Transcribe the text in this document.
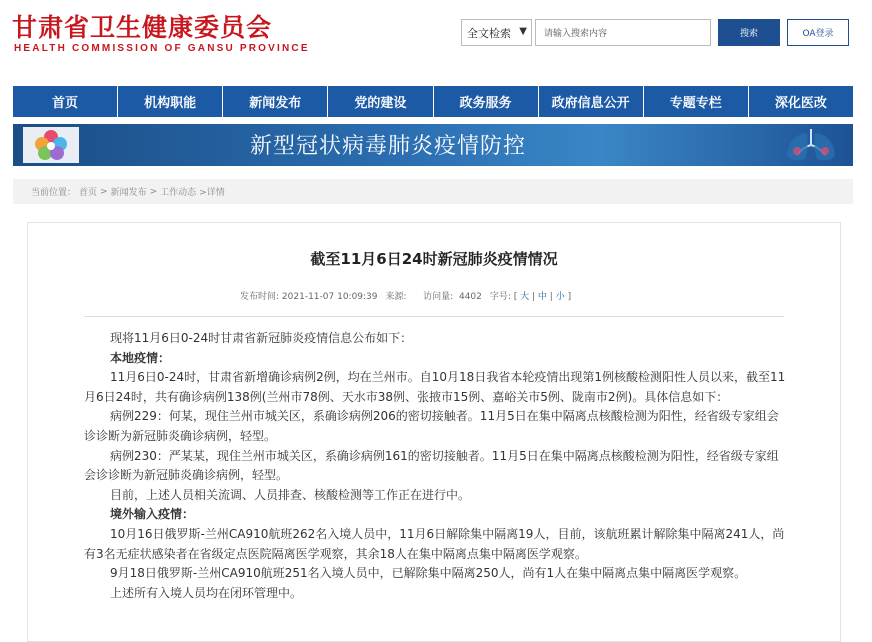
甘肃省卫生健康委员会
HEALTH COMMISSION OF GANSU PROVINCE
全文检索 ▼ 请输入搜索内容	搜索	OA登录
首页	机构职能	新闻发布	党的建设	政务服务	政府信息公开	专题专栏	深化医改
新型冠状病毒肺炎疫情防控
当前位置： 首页 > 新闻发布 > 工作动态 >详情
截至11月6日24时新冠肺炎疫情情况
发布时间: 2021-11-07 10:09:39 来源:	访问量: 4402 字号: [ 大 | 中 | 小 ]

现将11月6日0-24时甘肃省新冠肺炎疫情信息公布如下：

本地疫情：

11月6日0-24时，甘肃省新增确诊病例2例，均在兰州市。自10月18日我省本轮疫情出现第1例核酸检测阳性人员以来，截至11月6日24时，共有确诊病例138例(兰州市78例、天水市38例、张掖市15例、嘉峪关市5例、陇南市2例)。具体信息如下：

病例229：何某，现住兰州市城关区，系确诊病例206的密切接触者。11月5日在集中隔离点核酸检测为阳性，经省级专家组会诊诊断为新冠肺炎确诊病例，轻型。

病例230：严某某，现住兰州市城关区，系确诊病例161的密切接触者。11月5日在集中隔离点核酸检测为阳性，经省级专家组会诊诊断为新冠肺炎确诊病例，轻型。

目前，上述人员相关流调、人员排查、核酸检测等工作正在进行中。

境外输入疫情：

10月16日俄罗斯-兰州CA910航班262名入境人员中，11月6日解除集中隔离19人，目前，该航班累计解除集中隔离241人，尚有3名无症状感染者在省级定点医院隔离医学观察，其余18人在集中隔离点集中隔离医学观察。

9月18日俄罗斯-兰州CA910航班251名入境人员中，已解除集中隔离250人，尚有1人在集中隔离点集中隔离医学观察。

上述所有入境人员均在闭环管理中。
